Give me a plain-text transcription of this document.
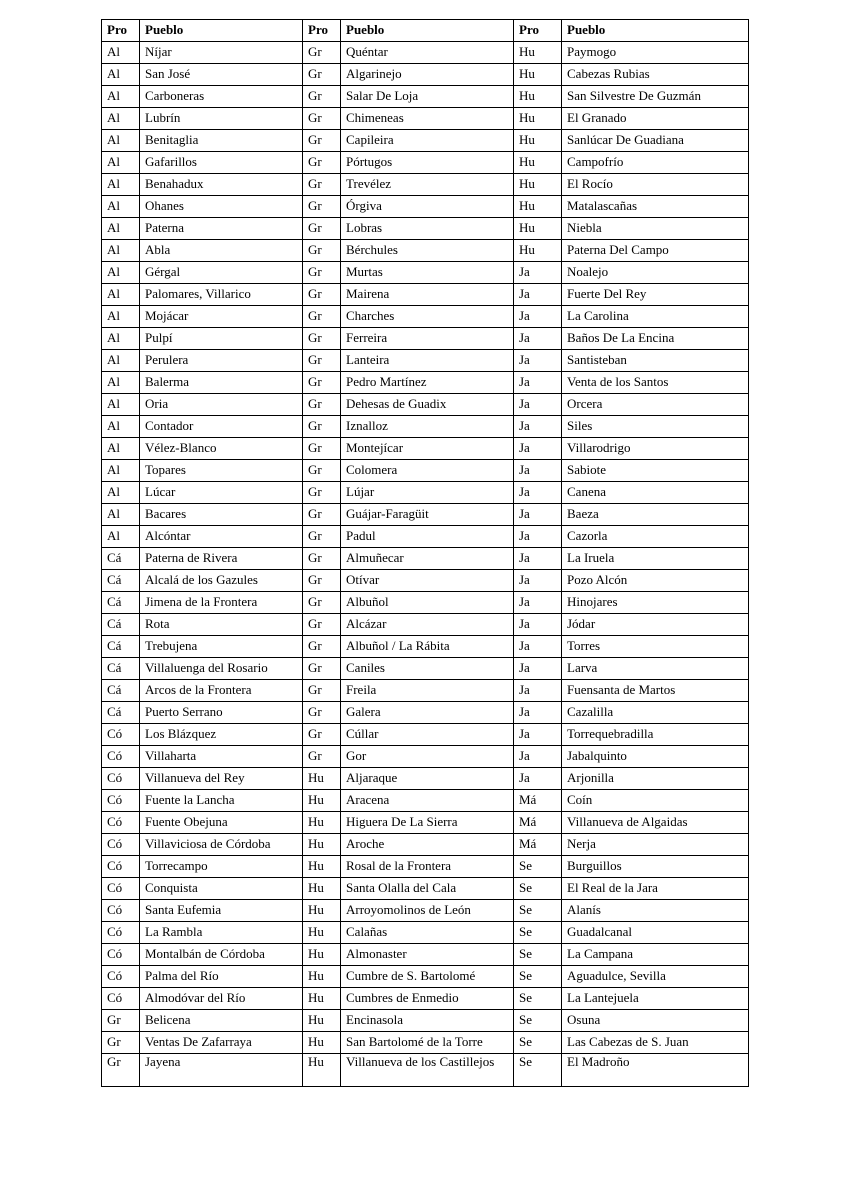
Pro	Pueblo	Pro	Pueblo	Pro	Pueblo
Al	Níjar	Gr	Quéntar	Hu	Paymogo
Al	San José	Gr	Algarinejo	Hu	Cabezas Rubias
Al	Carboneras	Gr	Salar De Loja	Hu	San Silvestre De Guzmán
Al	Lubrín	Gr	Chimeneas	Hu	El Granado
Al	Benitaglia	Gr	Capileira	Hu	Sanlúcar De Guadiana
Al	Gafarillos	Gr	Pórtugos	Hu	Campofrío
Al	Benahadux	Gr	Trevélez	Hu	El Rocío
Al	Ohanes	Gr	Órgiva	Hu	Matalascañas
Al	Paterna	Gr	Lobras	Hu	Niebla
Al	Abla	Gr	Bérchules	Hu	Paterna Del Campo
Al	Gérgal	Gr	Murtas	Ja	Noalejo
Al	Palomares, Villarico	Gr	Mairena	Ja	Fuerte Del Rey
Al	Mojácar	Gr	Charches	Ja	La Carolina
Al	Pulpí	Gr	Ferreira	Ja	Baños De La Encina
Al	Perulera	Gr	Lanteira	Ja	Santisteban
Al	Balerma	Gr	Pedro Martínez	Ja	Venta de los Santos
Al	Oria	Gr	Dehesas de Guadix	Ja	Orcera
Al	Contador	Gr	Iznalloz	Ja	Siles
Al	Vélez-Blanco	Gr	Montejícar	Ja	Villarodrigo
Al	Topares	Gr	Colomera	Ja	Sabiote
Al	Lúcar	Gr	Lújar	Ja	Canena
Al	Bacares	Gr	Guájar-Faragüit	Ja	Baeza
Al	Alcóntar	Gr	Padul	Ja	Cazorla
Cá	Paterna de Rivera	Gr	Almuñecar	Ja	La Iruela
Cá	Alcalá de los Gazules	Gr	Otívar	Ja	Pozo Alcón
Cá	Jimena de la Frontera	Gr	Albuñol	Ja	Hinojares
Cá	Rota	Gr	Alcázar	Ja	Jódar
Cá	Trebujena	Gr	Albuñol / La Rábita	Ja	Torres
Cá	Villaluenga del Rosario	Gr	Caniles	Ja	Larva
Cá	Arcos de la Frontera	Gr	Freila	Ja	Fuensanta de Martos
Cá	Puerto Serrano	Gr	Galera	Ja	Cazalilla
Có	Los Blázquez	Gr	Cúllar	Ja	Torrequebradilla
Có	Villaharta	Gr	Gor	Ja	Jabalquinto
Có	Villanueva del Rey	Hu	Aljaraque	Ja	Arjonilla
Có	Fuente la Lancha	Hu	Aracena	Má	Coín
Có	Fuente Obejuna	Hu	Higuera De La Sierra	Má	Villanueva de Algaidas
Có	Villaviciosa de Córdoba	Hu	Aroche	Má	Nerja
Có	Torrecampo	Hu	Rosal de la Frontera	Se	Burguillos
Có	Conquista	Hu	Santa Olalla del Cala	Se	El Real de la Jara
Có	Santa Eufemia	Hu	Arroyomolinos de León	Se	Alanís
Có	La Rambla	Hu	Calañas	Se	Guadalcanal
Có	Montalbán de Córdoba	Hu	Almonaster	Se	La Campana
Có	Palma del Río	Hu	Cumbre de S. Bartolomé	Se	Aguadulce, Sevilla
Có	Almodóvar del Río	Hu	Cumbres de Enmedio	Se	La Lantejuela
Gr	Belicena	Hu	Encinasola	Se	Osuna
Gr	Ventas De Zafarraya	Hu	San Bartolomé de la Torre	Se	Las Cabezas de S. Juan
Gr	Jayena	Hu	Villanueva de los Castillejos	Se	El Madroño
